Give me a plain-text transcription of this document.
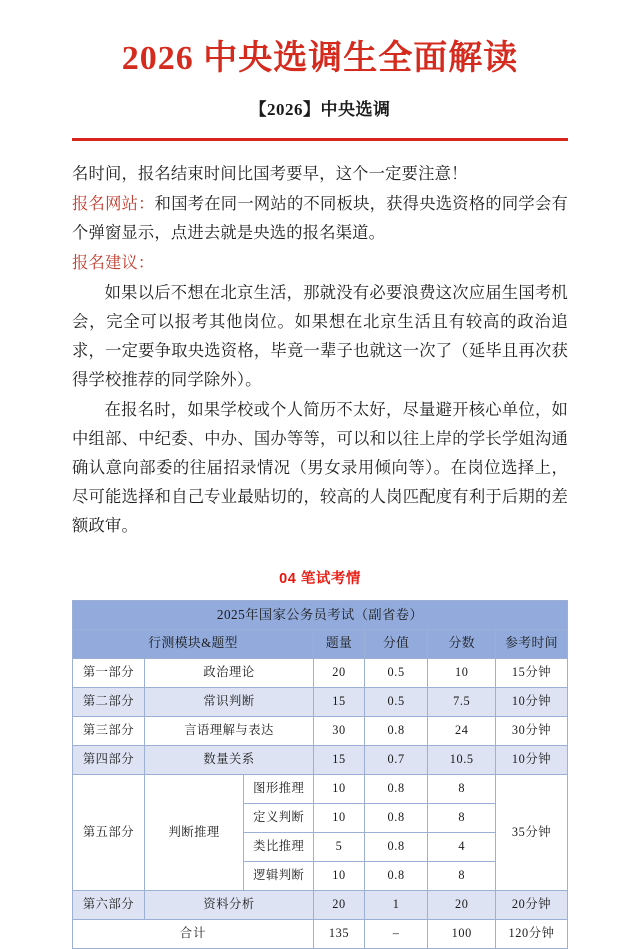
2026 中央选调生全面解读
【2026】中央选调

名时间，报名结束时间比国考要早，这个一定要注意！

报名网站：和国考在同一网站的不同板块，获得央选资格的同学会有个弹窗显示，点进去就是央选的报名渠道。

报名建议：

如果以后不想在北京生活，那就没有必要浪费这次应届生国考机会，完全可以报考其他岗位。如果想在北京生活且有较高的政治追求，一定要争取央选资格，毕竟一辈子也就这一次了（延毕且再次获得学校推荐的同学除外）。

在报名时，如果学校或个人简历不太好，尽量避开核心单位，如中组部、中纪委、中办、国办等等，可以和以往上岸的学长学姐沟通确认意向部委的往届招录情况（男女录用倾向等）。在岗位选择上，尽可能选择和自己专业最贴切的，较高的人岗匹配度有利于后期的差额政审。

04 笔试考情
2025年国家公务员考试（副省卷）						
行测模块&题型			题量	分值	分数	参考时间
第一部分	政治理论		20	0.5	10	15分钟
第二部分	常识判断		15	0.5	7.5	10分钟
第三部分	言语理解与表达		30	0.8	24	30分钟
第四部分	数量关系		15	0.7	10.5	10分钟
第五部分	判断推理	图形推理	10	0.8	8	35分钟
		定义判断	10	0.8	8	
		类比推理	5	0.8	4	
		逻辑判断	10	0.8	8	
第六部分	资料分析		20	1	20	20分钟
合计			135	–	100	120分钟
